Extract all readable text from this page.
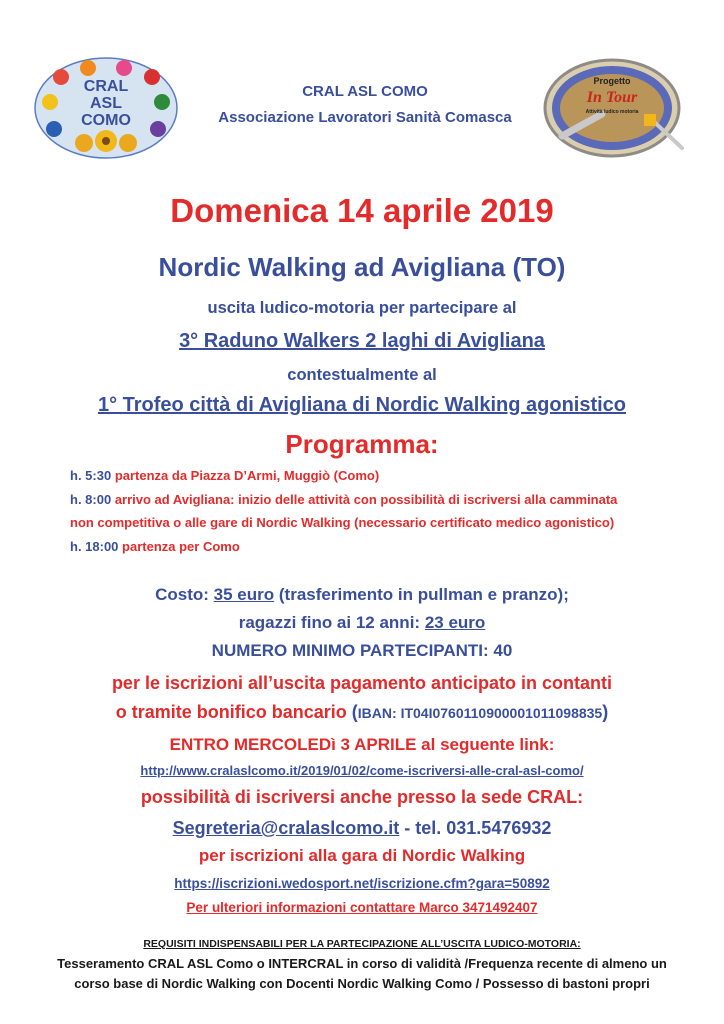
CRAL
ASL
COMO
CRAL ASL COMO
Associazione Lavoratori Sanità Comasca
Progetto
In Tour
Attività ludico motoria
Domenica 14 aprile 2019
Nordic Walking ad Avigliana (TO)
uscita ludico-motoria per partecipare al
3° Raduno Walkers 2 laghi di Avigliana
contestualmente al
1° Trofeo città di Avigliana di Nordic Walking agonistico
Programma:
h. 5:30 partenza da Piazza D’Armi, Muggiò (Como)
h. 8:00 arrivo ad Avigliana: inizio delle attività con possibilità di iscriversi alla camminata
non competitiva o alle gare di Nordic Walking (necessario certificato medico agonistico)
h. 18:00 partenza per Como
Costo: 35 euro (trasferimento in pullman e pranzo);
ragazzi fino ai 12 anni: 23 euro
NUMERO MINIMO PARTECIPANTI: 40
per le iscrizioni all’uscita pagamento anticipato in contanti
o tramite bonifico bancario (IBAN: IT04I0760110900001011098835)
ENTRO MERCOLEDì 3 APRILE al seguente link:
http://www.cralaslcomo.it/2019/01/02/come-iscriversi-alle-cral-asl-como/
possibilità di iscriversi anche presso la sede CRAL:
Segreteria@cralaslcomo.it - tel. 031.5476932
per iscrizioni alla gara di Nordic Walking
https://iscrizioni.wedosport.net/iscrizione.cfm?gara=50892
Per ulteriori informazioni contattare Marco 3471492407
REQUISITI INDISPENSABILI PER LA PARTECIPAZIONE ALL’USCITA LUDICO-MOTORIA:
Tesseramento CRAL ASL Como o INTERCRAL in corso di validità /Frequenza recente di almeno un
corso base di Nordic Walking con Docenti Nordic Walking Como / Possesso di bastoni propri
